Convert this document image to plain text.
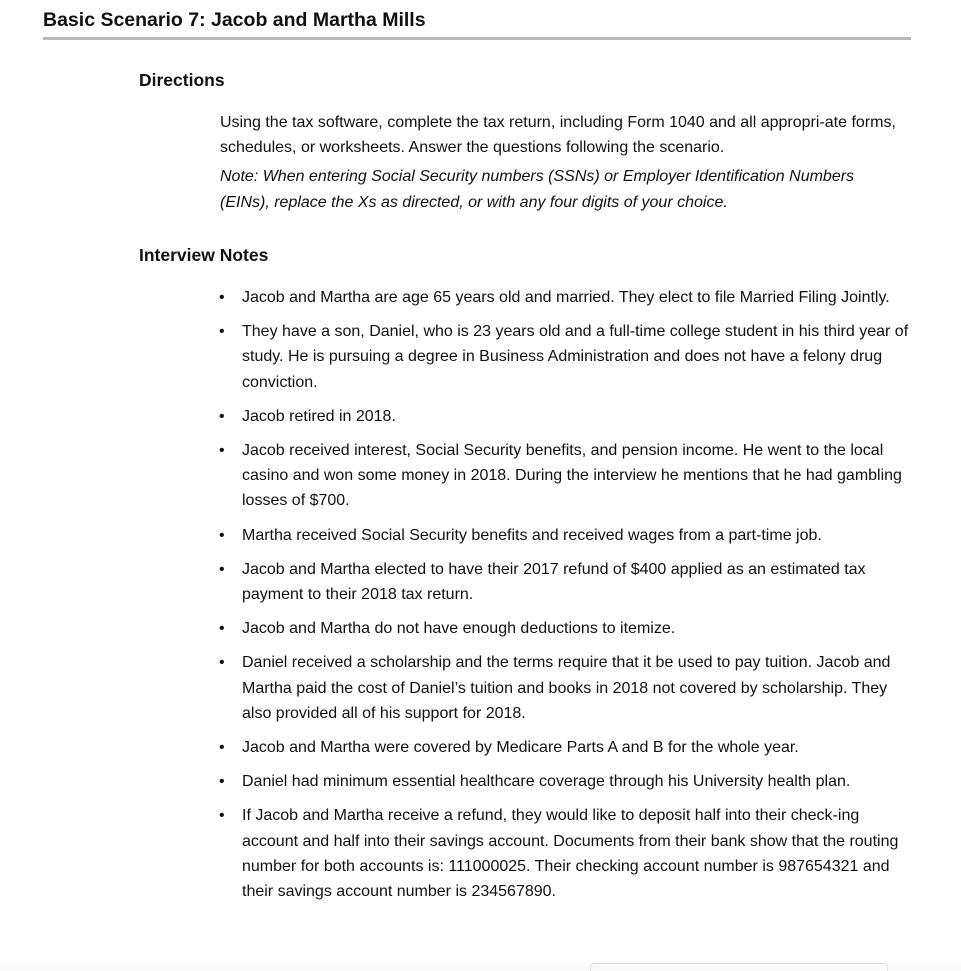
Basic Scenario 7: Jacob and Martha Mills
Directions

Using the tax software, complete the tax return, including Form 1040 and all appropri-ate forms, schedules, or worksheets. Answer the questions following the scenario.

Note: When entering Social Security numbers (SSNs) or Employer Identification Numbers (EINs), replace the Xs as directed, or with any four digits of your choice.

Interview Notes
• Jacob and Martha are age 65 years old and married. They elect to file Married Filing Jointly.
• They have a son, Daniel, who is 23 years old and a full-time college student in his third year of study. He is pursuing a degree in Business Administration and does not have a felony drug conviction.
• Jacob retired in 2018.
• Jacob received interest, Social Security benefits, and pension income. He went to the local casino and won some money in 2018. During the interview he mentions that he had gambling losses of $700.
• Martha received Social Security benefits and received wages from a part-time job.
• Jacob and Martha elected to have their 2017 refund of $400 applied as an estimated tax payment to their 2018 tax return.
• Jacob and Martha do not have enough deductions to itemize.
• Daniel received a scholarship and the terms require that it be used to pay tuition. Jacob and Martha paid the cost of Daniel’s tuition and books in 2018 not covered by scholarship. They also provided all of his support for 2018.
• Jacob and Martha were covered by Medicare Parts A and B for the whole year.
• Daniel had minimum essential healthcare coverage through his University health plan.
• If Jacob and Martha receive a refund, they would like to deposit half into their check-ing account and half into their savings account. Documents from their bank show that the routing number for both accounts is: 111000025. Their checking account number is 987654321 and their savings account number is 234567890.
